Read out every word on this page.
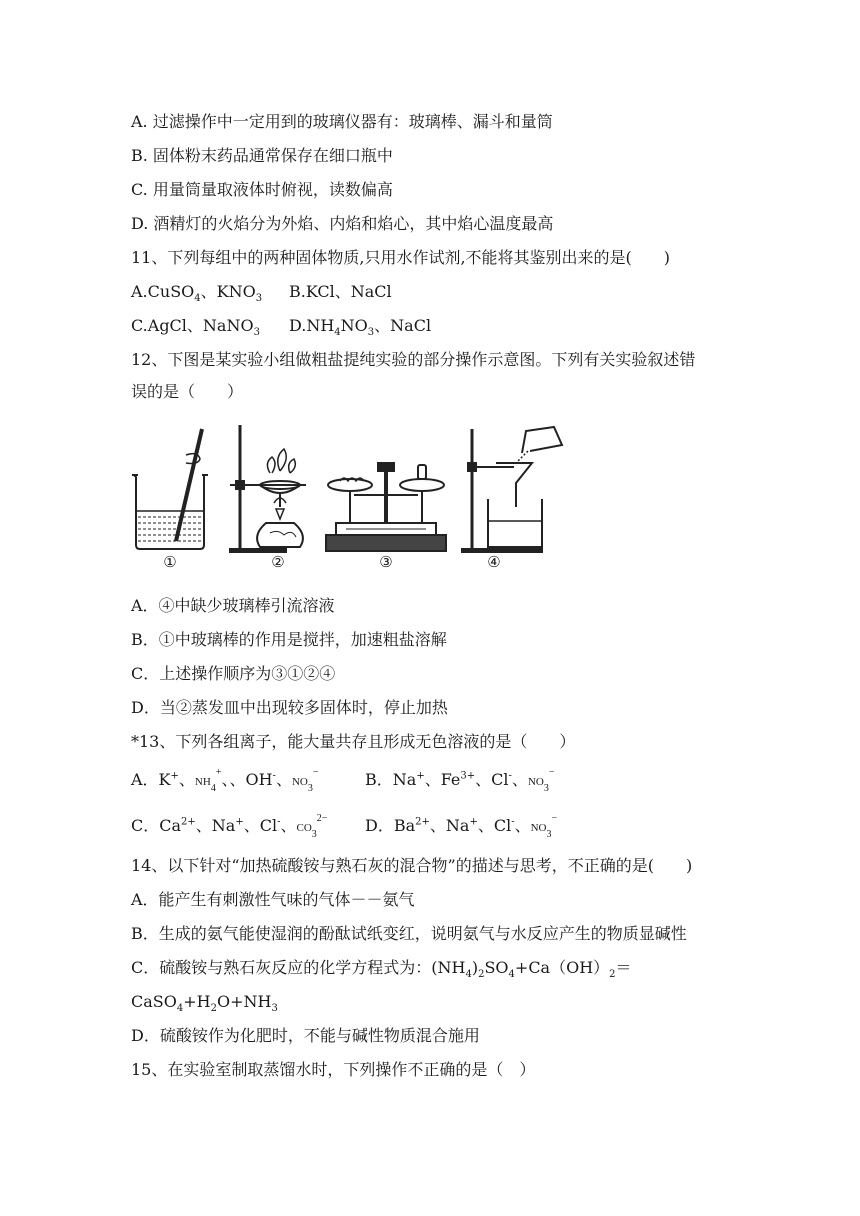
A. 过滤操作中一定用到的玻璃仪器有：玻璃棒、漏斗和量筒
B. 固体粉末药品通常保存在细口瓶中
C. 用量筒量取液体时俯视，读数偏高
D. 酒精灯的火焰分为外焰、内焰和焰心，其中焰心温度最高
11、下列每组中的两种固体物质,只用水作试剂,不能将其鉴别出来的是(　　)
A.CuSO$_4$、$KNO_3$ B.KCl、NaCl
C.AgCl、NaNO$_3$ $D.NH_4NO_3$、NaCl
12、下图是某实验小组做粗盐提纯实验的部分操作示意图。下列有关实验叙述错
误的是（　　）
①	②	③	④
A．④中缺少玻璃棒引流溶液
B．①中玻璃棒的作用是搅拌，加速粗盐溶解
C．上述操作顺序为③①②④
D．当②蒸发皿中出现较多固体时，停止加热
*13、下列各组离子，能大量共存且形成无色溶液的是（　　）
A．K+、$NH_4^+$、、OH-、$NO_3^-$	B．Na+、$Fe^{3+}$、Cl-、$NO_3^-$
C．$Ca^{2+}$、Na+、Cl-、$CO_3^{2-}$ D．$Ba^{2+}$、Na+、Cl-、$NO_3^-$
14、以下针对“加热硫酸铵与熟石灰的混合物”的描述与思考，不正确的是(　　)
A．能产生有刺激性气味的气体－－氨气
B．生成的氨气能使湿润的酚酞试纸变红，说明氨气与水反应产生的物质显碱性
C．硫酸铵与熟石灰反应的化学方程式为：$(NH_4)_2SO_4+Ca(OH)_2=$
$CaSO_4+H_2O+NH_3$
D．硫酸铵作为化肥时，不能与碱性物质混合施用
15、在实验室制取蒸馏水时，下列操作不正确的是（　）
